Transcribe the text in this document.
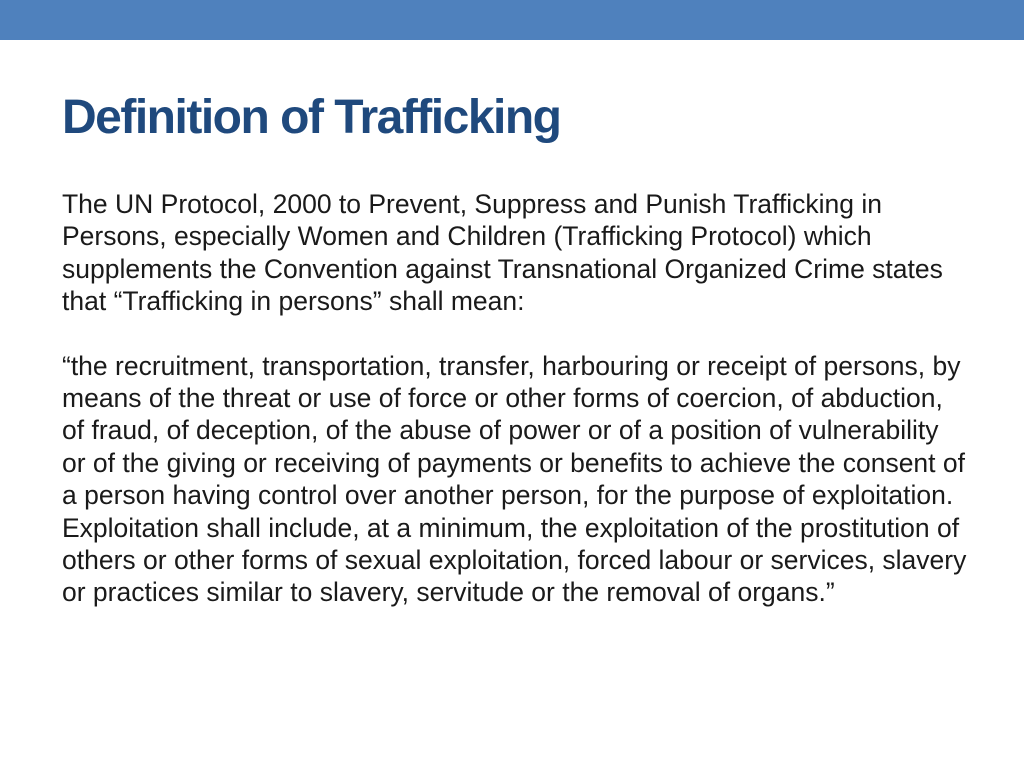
Definition of Trafficking

The UN Protocol, 2000 to Prevent, Suppress and Punish Trafficking in Persons, especially Women and Children (Trafficking Protocol) which supplements the Convention against Transnational Organized Crime states that “Trafficking in persons” shall mean:

“the recruitment, transportation, transfer, harbouring or receipt of persons, by means of the threat or use of force or other forms of coercion, of abduction, of fraud, of deception, of the abuse of power or of a position of vulnerability or of the giving or receiving of payments or benefits to achieve the consent of a person having control over another person, for the purpose of exploitation. Exploitation shall include, at a minimum, the exploitation of the prostitution of others or other forms of sexual exploitation, forced labour or services, slavery or practices similar to slavery, servitude or the removal of organs.”
